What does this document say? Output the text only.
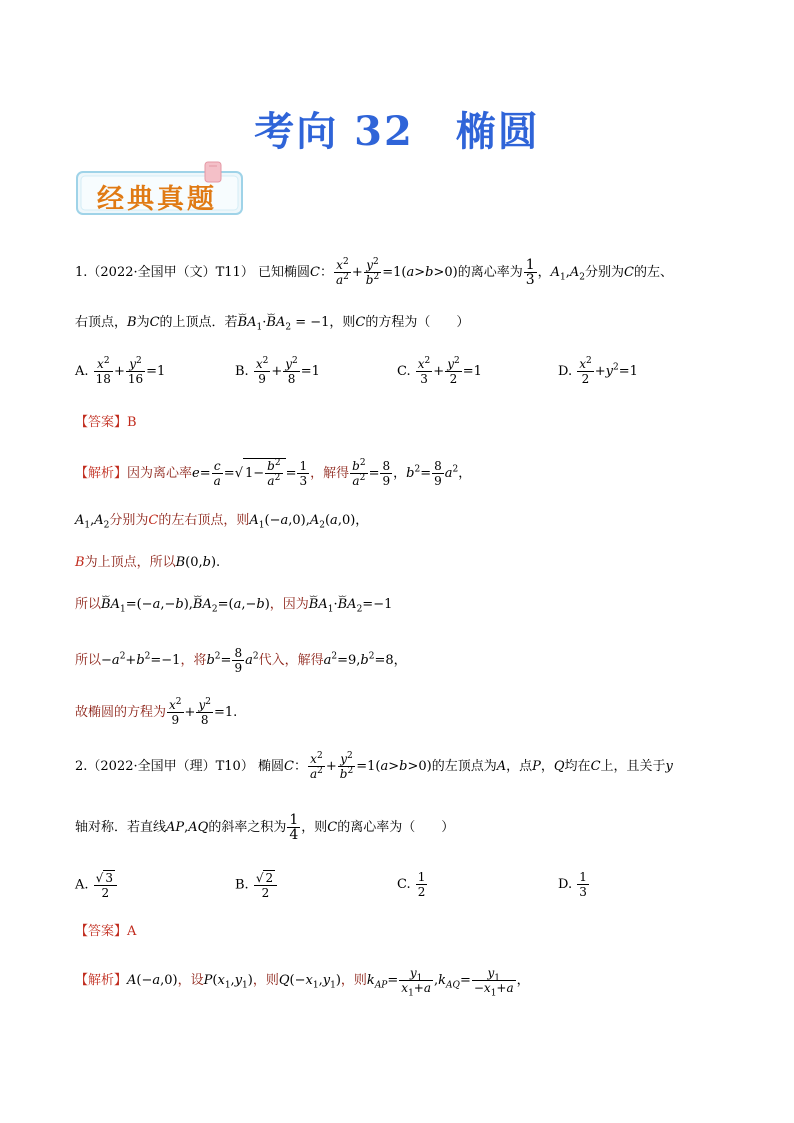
考向 32　椭圆
经典真题
1.（2022·全国甲（文）T11） 已知椭圆C： $\frac{x^2}{a^2} + \frac{y^2}{b^2} =1(a>b>0)$的离心率为 $\frac{1}{3}$ ，$A_1,A_2$分别为C的左、
右顶点，B为C的上顶点．若⌣⌣ $BA_1\cdot⌣⌣$ $BA_2 = -1$，则C的方程为（　　）
A. $\frac{x^2}{18} + \frac{y^2}{16} =1$	B. $\frac{x^2}{9} + \frac{y^2}{8} =1$	C. $\frac{x^2}{3} + \frac{y^2}{2} =1$	D. $\frac{x^2}{2} +y^2=1$
【答案】B
【解析】因为离心率$e= \frac{c}{a}$ =√ $1- \frac{b^2}{a^2} = \frac{1}{3}$ ，解得 $\frac{b^2}{a^2} = \frac{8}{9}$ ，$b^2= \frac{8}{9} a^2$，
$A_1,A_2$分别为C的左右顶点，则$A_1(-a,0),A_2(a,0)$，
B为上顶点，所以B(0,b).
所以⌣⌣ $BA_1=(-a,-b),⌣⌣$ $BA_2=(a,-b)$，因为⌣⌣ $BA_1\cdot⌣⌣$ $BA_2=-1$
所以$-a^2+b^2=-1$，将$b^2= \frac{8}{9} a^2$代入，解得$a^2=9,b^2=8$，
故椭圆的方程为 $\frac{x^2}{9} + \frac{y^2}{8} =1$.
2.（2022·全国甲（理）T10） 椭圆C： $\frac{x^2}{a^2} + \frac{y^2}{b^2} =1(a>b>0)$的左顶点为A，点P，Q均在C上，且关于y
轴对称．若直线AP,AQ的斜率之积为 $\frac{1}{4}$ ，则C的离心率为（　　）
A. $\frac{√ 3}{2}$	B. $\frac{√ 2}{2}$	C. $\frac{1}{2}$	D. $\frac{1}{3}$
【答案】A
【解析】A(−a,0)，设$P(x_1,y_1)$，则$Q(-x_1,y_1)$，则$k_{AP}= \frac{y_1}{x_1+a} ,k_{AQ}= \frac{y_1}{-x_1+a}$ ，
